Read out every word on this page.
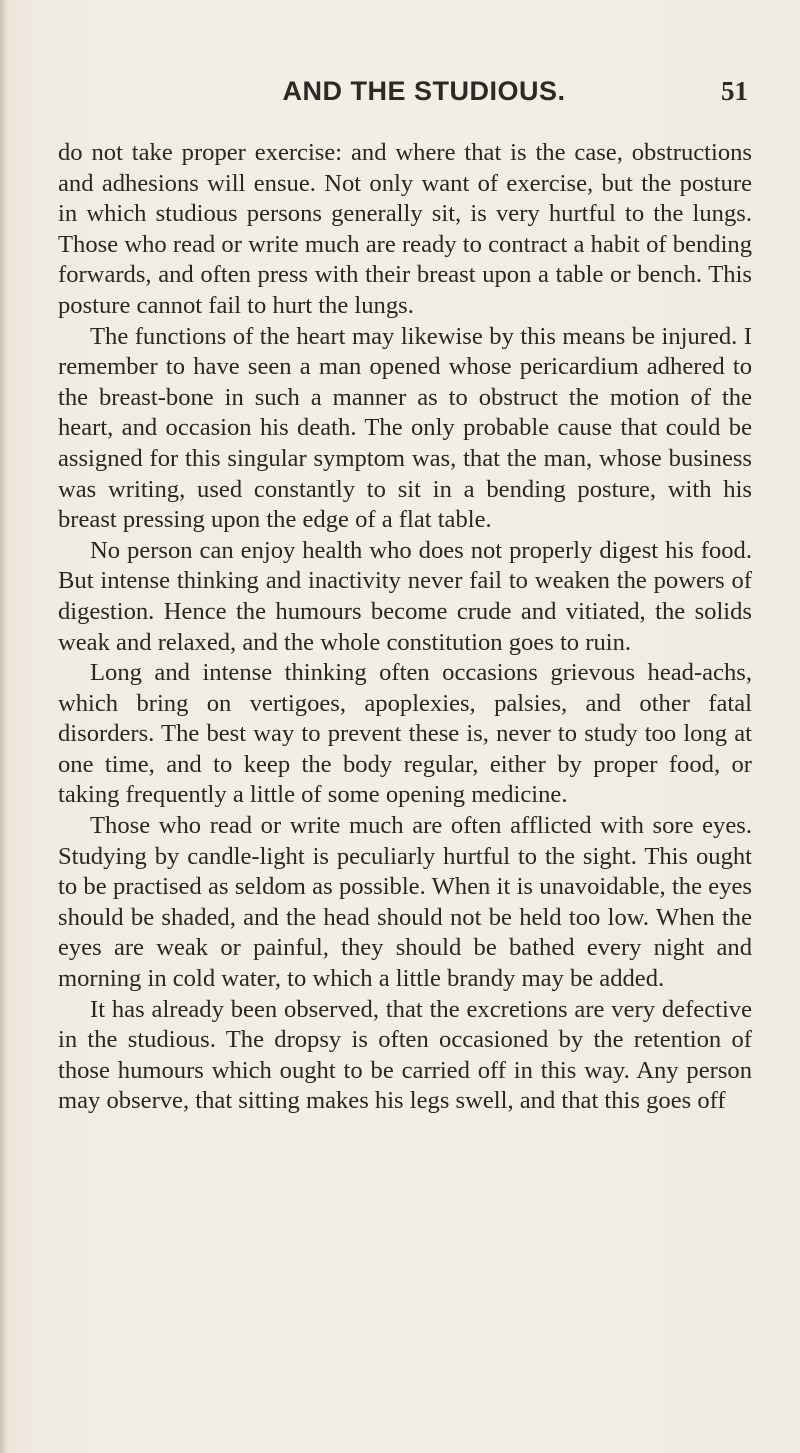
AND THE STUDIOUS.	51

do not take proper exercise: and where that is the case, obstructions and adhesions will ensue. Not only want of exercise, but the posture in which studious persons generally sit, is very hurtful to the lungs. Those who read or write much are ready to contract a habit of bending forwards, and often press with their breast upon a table or bench. This posture cannot fail to hurt the lungs.

The functions of the heart may likewise by this means be injured. I remember to have seen a man opened whose pericardium adhered to the breast-bone in such a manner as to obstruct the motion of the heart, and occasion his death. The only probable cause that could be assigned for this singular symptom was, that the man, whose business was writing, used constantly to sit in a bending posture, with his breast pressing upon the edge of a flat table.

No person can enjoy health who does not properly digest his food. But intense thinking and inactivity never fail to weaken the powers of digestion. Hence the humours become crude and vitiated, the solids weak and relaxed, and the whole constitution goes to ruin.

Long and intense thinking often occasions grievous head-achs, which bring on vertigoes, apoplexies, palsies, and other fatal disorders. The best way to prevent these is, never to study too long at one time, and to keep the body regular, either by proper food, or taking frequently a little of some opening medicine.

Those who read or write much are often afflicted with sore eyes. Studying by candle-light is peculiarly hurtful to the sight. This ought to be practised as seldom as possible. When it is unavoidable, the eyes should be shaded, and the head should not be held too low. When the eyes are weak or painful, they should be bathed every night and morning in cold water, to which a little brandy may be added.

It has already been observed, that the excretions are very defective in the studious. The dropsy is often occasioned by the retention of those humours which ought to be carried off in this way. Any person may observe, that sitting makes his legs swell, and that this goes off
